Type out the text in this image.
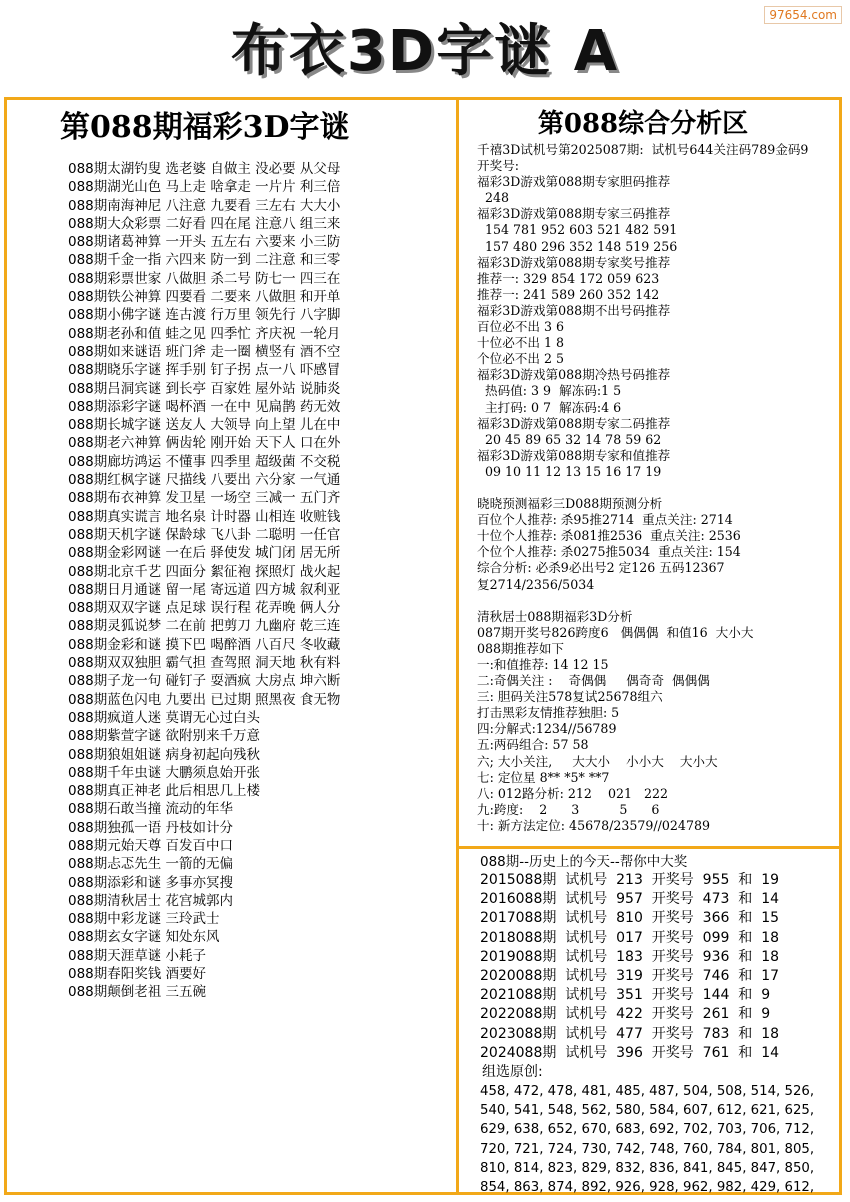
97654.com
布衣3D字谜 A
第088期福彩3D字谜
088期太湖钓叟 选老婆 自做主 没必要 从父母
088期湖光山色 马上走 啥拿走 一片片 利三倍
088期南海神尼 八注意 九要看 三左右 大大小
088期大众彩票 二好看 四在尾 注意八 组三来
088期诸葛神算 一开头 五左右 六要来 小三防
088期千金一指 六四来 防一到 二注意 和三零
088期彩票世家 八做胆 杀二号 防七一 四三在
088期铁公神算 四要看 二要来 八做胆 和开单
088期小佛字谜 连古渡 行万里 领先行 八字脚
088期老孙和值 蛙之见 四季忙 齐庆祝 一轮月
088期如来谜语 班门斧 走一圈 横竖有 酒不空
088期晓乐字谜 挥手别 钉子拐 点一八 吓感冒
088期吕洞宾谜 到长亭 百家姓 屋外站 说肺炎
088期添彩字谜 喝杯酒 一在中 见扁鹊 药无效
088期长城字谜 送友人 大领导 向上望 儿在中
088期老六神算 俩齿轮 刚开始 天下人 口在外
088期廊坊鸿运 不懂事 四季里 超级菌 不交税
088期红枫字谜 尺描线 八要出 六分家 一气通
088期布衣神算 发卫星 一场空 三减一 五门齐
088期真实谎言 地名泉 计时器 山相连 收赃钱
088期天机字谜 保龄球 飞八卦 二聪明 一任官
088期金彩网谜 一在后 驿使发 城门闭 居无所
088期北京千艺 四面分 絮征袍 探照灯 战火起
088期日月通谜 留一尾 寄远道 四方城 叙利亚
088期双双字谜 点足球 误行程 花弄晚 俩人分
088期灵狐说梦 二在前 把剪刀 九幽府 乾三连
088期金彩和谜 摸下巴 喝醉酒 八百尺 冬收藏
088期双双独胆 霸气担 查驾照 洞天地 秋有料
088期子龙一句 碰钉子 耍酒疯 大房点 坤六断
088期蓝色闪电 九要出 已过期 照黑夜 食无物
088期疯道人迷 莫谓无心过白头
088期紫萱字谜 欲附别来千万意
088期狼姐姐谜 病身初起向残秋
088期千年虫谜 大鹏须息始开张
088期真正神老 此后相思几上楼
088期石敢当撞 流动的年华
088期独孤一语 丹枝如计分
088期元始天尊 百发百中口
088期忐忑先生 一箭的无偏
088期添彩和谜 多事亦冥搜
088期清秋居士 花宫城郭内
088期中彩龙谜 三玲武士
088期玄女字谜 知处东风
088期天涯草谜 小耗子
088期春阳奖钱 酒要好
088期颠倒老祖 三五碗
第088综合分析区
千禧3D试机号第2025087期:  试机号644关注码789金码9
开奖号:
福彩3D游戏第088期专家胆码推荐
248
福彩3D游戏第088期专家三码推荐
154 781 952 603 521 482 591
157 480 296 352 148 519 256
福彩3D游戏第088期专家奖号推荐
推荐一: 329 854 172 059 623
推荐一: 241 589 260 352 142
福彩3D游戏第088期不出号码推荐
百位必不出 3 6
十位必不出 1 8
个位必不出 2 5
福彩3D游戏第088期冷热号码推荐
热码值: 3 9  解冻码:1 5
主打码: 0 7  解冻码:4 6
福彩3D游戏第088期专家二码推荐
20 45 89 65 32 14 78 59 62
福彩3D游戏第088期专家和值推荐
09 10 11 12 13 15 16 17 19
晓晓预测福彩三D088期预测分析
百位个人推荐: 杀95推2714  重点关注: 2714
十位个人推荐: 杀081推2536  重点关注: 2536
个位个人推荐: 杀0275推5034  重点关注: 154
综合分析: 必杀9必出号2 定126 五码12367
复2714/2356/5034
清秋居士088期福彩3D分析
087期开奖号826跨度6   偶偶偶  和值16  大小大
088期推荐如下
一:和值推荐: 14 12 15
二:奇偶关注 :    奇偶偶     偶奇奇  偶偶偶
三: 胆码关注578复试25678组六
打击黑彩友情推荐独胆: 5
四:分解式:1234//56789
五:两码组合: 57 58
六; 大小关注,     大大小    小小大    大小大
七: 定位星 8** *5* **7
八: 012路分析: 212    021   222
九:跨度:    2      3          5      6
十: 新方法定位: 45678/23579//024789
088期--历史上的今天--帮你中大奖
2015088期  试机号  213  开奖号  955  和  19
2016088期  试机号  957  开奖号  473  和  14
2017088期  试机号  810  开奖号  366  和  15
2018088期  试机号  017  开奖号  099  和  18
2019088期  试机号  183  开奖号  936  和  18
2020088期  试机号  319  开奖号  746  和  17
2021088期  试机号  351  开奖号  144  和  9
2022088期  试机号  422  开奖号  261  和  9
2023088期  试机号  477  开奖号  783  和  18
2024088期  试机号  396  开奖号  761  和  14
组选原创:
458, 472, 478, 481, 485, 487, 504, 508, 514, 526,
540, 541, 548, 562, 580, 584, 607, 612, 621, 625,
629, 638, 652, 670, 683, 692, 702, 703, 706, 712,
720, 721, 724, 730, 742, 748, 760, 784, 801, 805,
810, 814, 823, 829, 832, 836, 841, 845, 847, 850,
854, 863, 874, 892, 926, 928, 962, 982, 429, 612,
